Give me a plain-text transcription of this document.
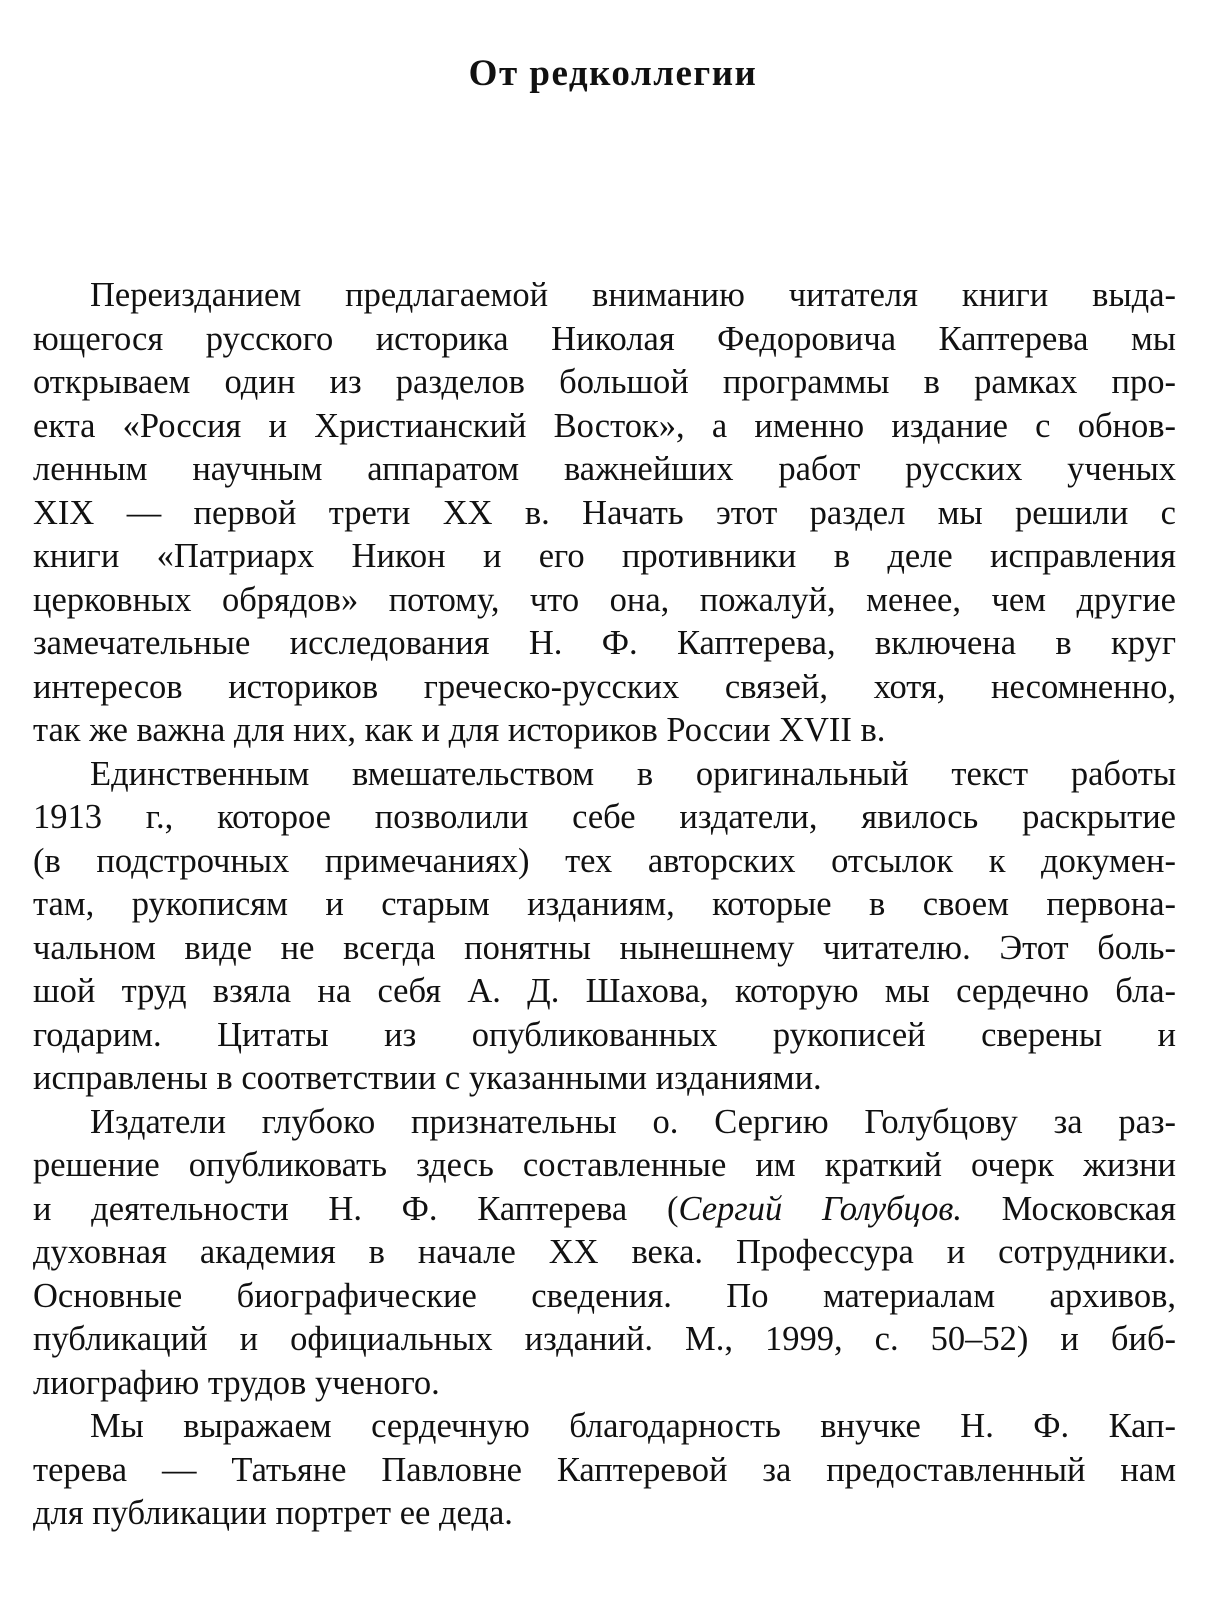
От редколлегии
Переизданием предлагаемой вниманию читателя книги выда-
ющегося русского историка Николая Федоровича Каптерева мы
открываем один из разделов большой программы в рамках про-
екта «Россия и Христианский Восток», а именно издание с обнов-
ленным научным аппаратом важнейших работ русских ученых
XIX — первой трети XX в. Начать этот раздел мы решили с
книги «Патриарх Никон и его противники в деле исправления
церковных обрядов» потому, что она, пожалуй, менее, чем другие
замечательные исследования Н. Ф. Каптерева, включена в круг
интересов историков греческо-русских связей, хотя, несомненно,
так же важна для них, как и для историков России XVII в.
Единственным вмешательством в оригинальный текст работы
1913 г., которое позволили себе издатели, явилось раскрытие
(в подстрочных примечаниях) тех авторских отсылок к докумен-
там, рукописям и старым изданиям, которые в своем первона-
чальном виде не всегда понятны нынешнему читателю. Этот боль-
шой труд взяла на себя А. Д. Шахова, которую мы сердечно бла-
годарим. Цитаты из опубликованных рукописей сверены и
исправлены в соответствии с указанными изданиями.
Издатели глубоко признательны о. Сергию Голубцову за раз-
решение опубликовать здесь составленные им краткий очерк жизни
и деятельности Н. Ф. Каптерева (Сергий Голубцов. Московская
духовная академия в начале XX века. Профессура и сотрудники.
Основные биографические сведения. По материалам архивов,
публикаций и официальных изданий. М., 1999, с. 50–52) и биб-
лиографию трудов ученого.
Мы выражаем сердечную благодарность внучке Н. Ф. Кап-
терева — Татьяне Павловне Каптеревой за предоставленный нам
для публикации портрет ее деда.
